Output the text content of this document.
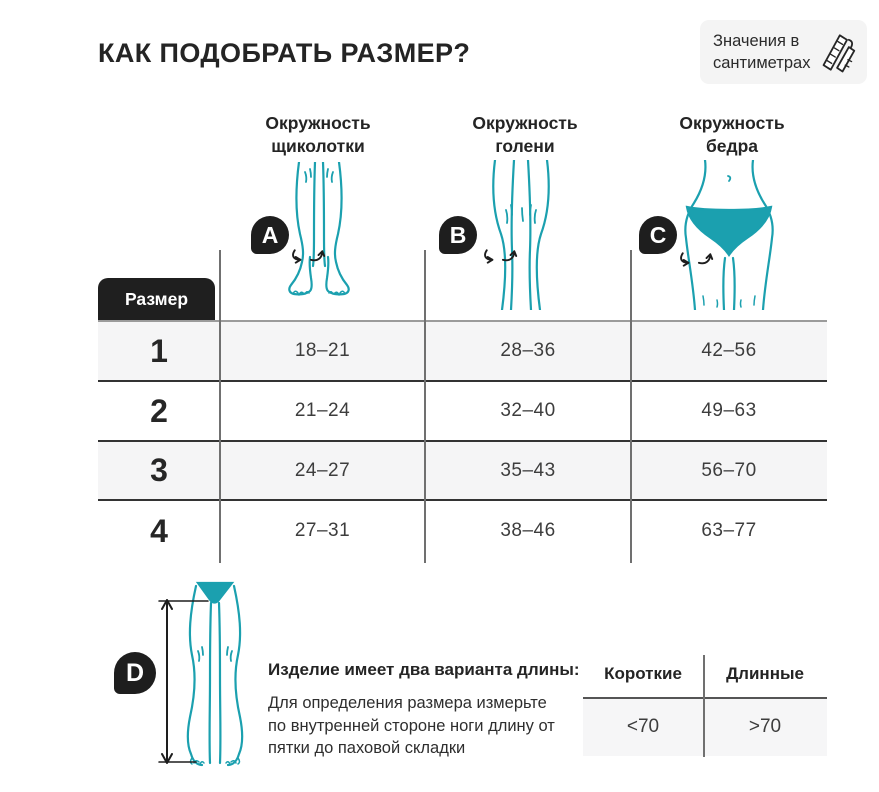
КАК ПОДОБРАТЬ РАЗМЕР?	Значения в
сантиметрах
Окружность щиколотки
Окружность голени
Окружность бедра
A	B	C
Размер
1	18–21	28–36	42–56
2	21–24	32–40	49–63
3	24–27	35–43	56–70
4	27–31	38–46	63–77
D	Изделие имеет два варианта длины:
Для определения размера измерьте по внутренней стороне ноги длину от пятки до паховой складки
Короткие	Длинные
<70	>70
